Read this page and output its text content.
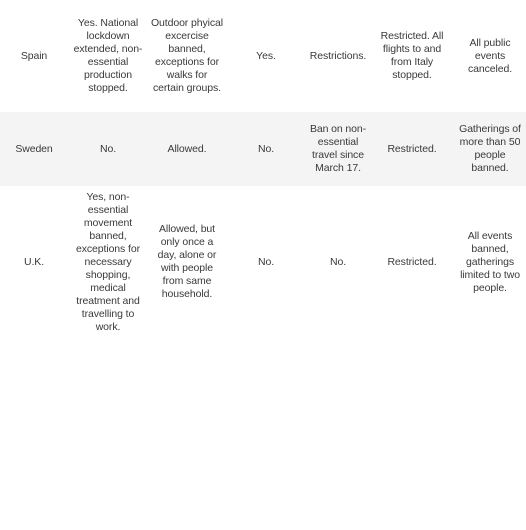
Spain	Yes. National lockdown extended, non-essential production stopped.	Outdoor phyical excercise banned, exceptions for walks for certain groups.	Yes.	Restrictions.	Restricted. All flights to and from Italy stopped.	All public events canceled.
Sweden	No.	Allowed.	No.	Ban on non-essential travel since March 17.	Restricted.	Gatherings of more than 50 people banned.
U.K.	Yes, non-essential movement banned, exceptions for necessary shopping, medical treatment and travelling to work.	Allowed, but only once a day, alone or with people from same household.	No.	No.	Restricted.	All events banned, gatherings limited to two people.
